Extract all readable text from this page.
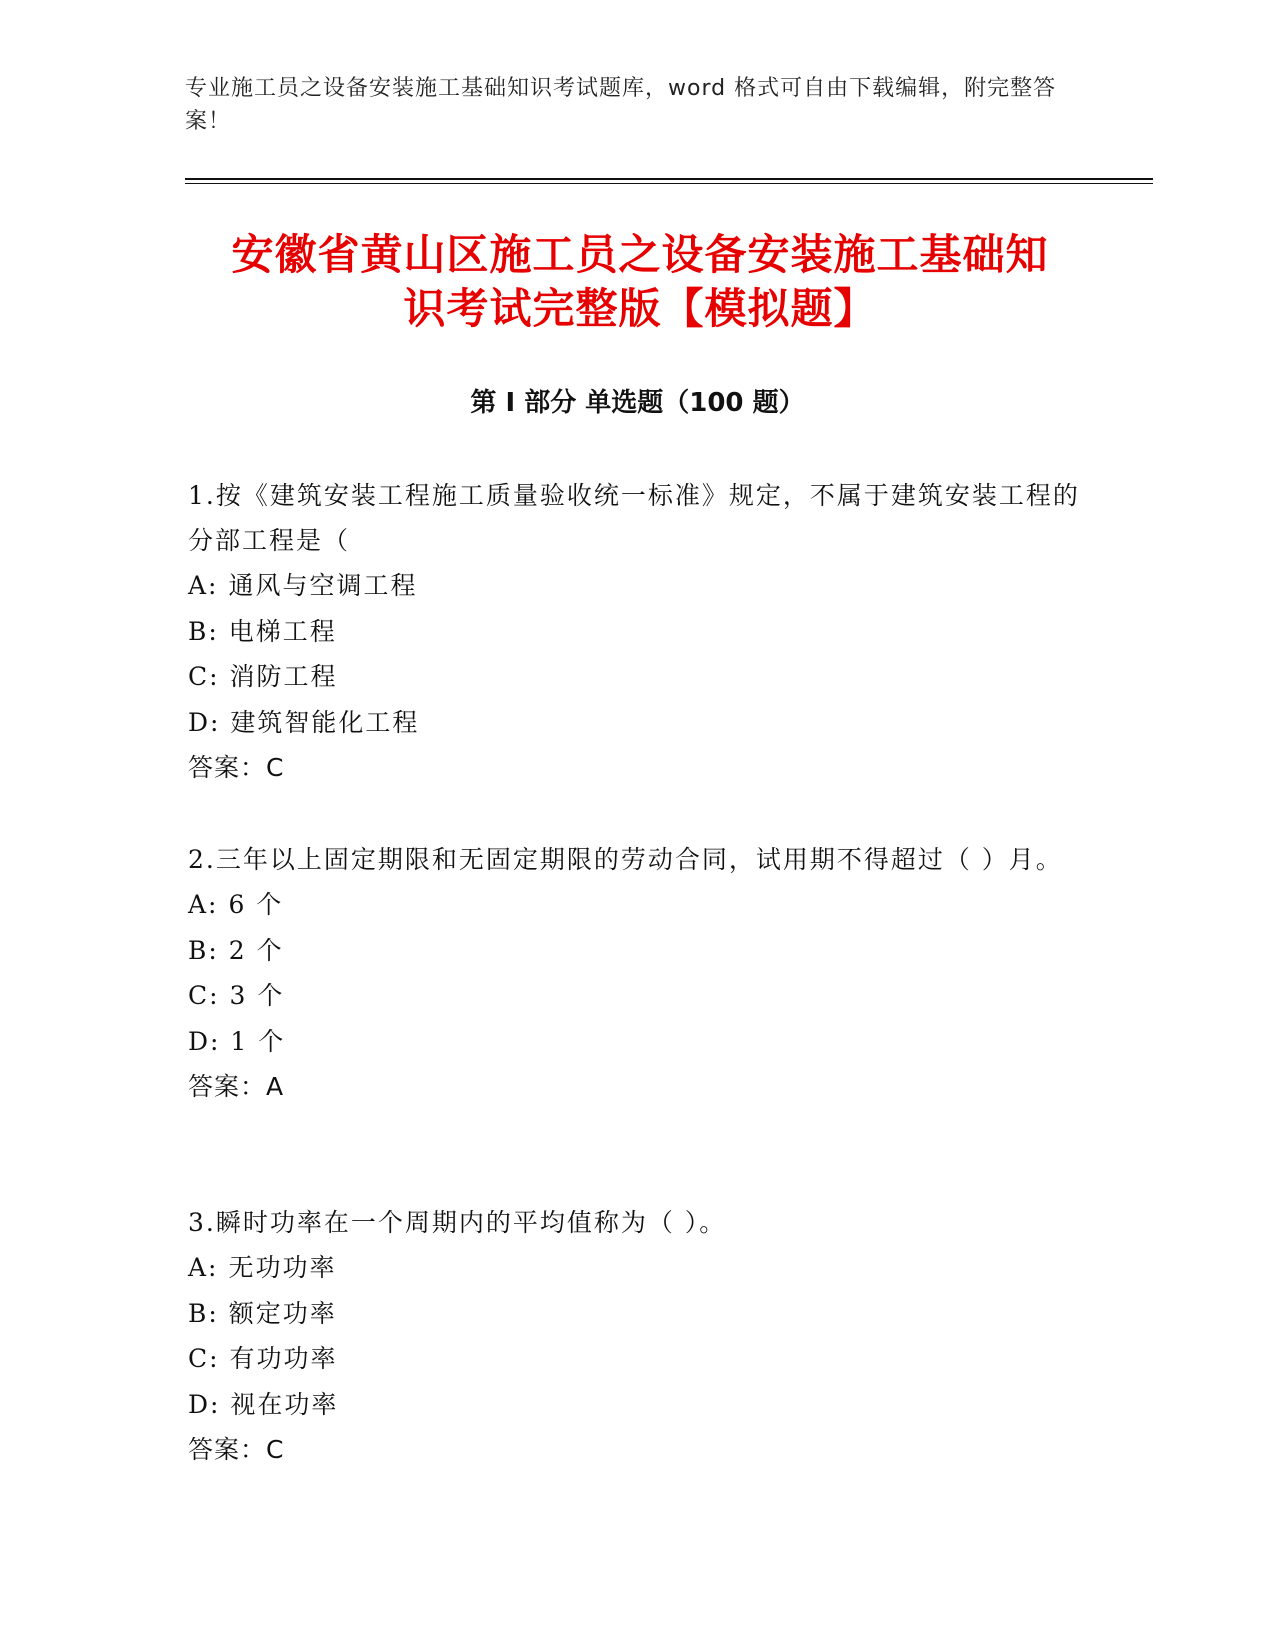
专业施工员之设备安装施工基础知识考试题库，word 格式可自由下载编辑，附完整答案！
安徽省黄山区施工员之设备安装施工基础知
识考试完整版【模拟题】
第 I 部分 单选题（100 题）
1.按《建筑安装工程施工质量验收统一标准》规定，不属于建筑安装工程的分部工程是（
A: 通风与空调工程
B: 电梯工程
C: 消防工程
D: 建筑智能化工程
答案：C
2.三年以上固定期限和无固定期限的劳动合同，试用期不得超过（ ）月。
A: 6 个
B: 2 个
C: 3 个
D: 1 个
答案：A
3.瞬时功率在一个周期内的平均值称为（ ）。
A: 无功功率
B: 额定功率
C: 有功功率
D: 视在功率
答案：C
